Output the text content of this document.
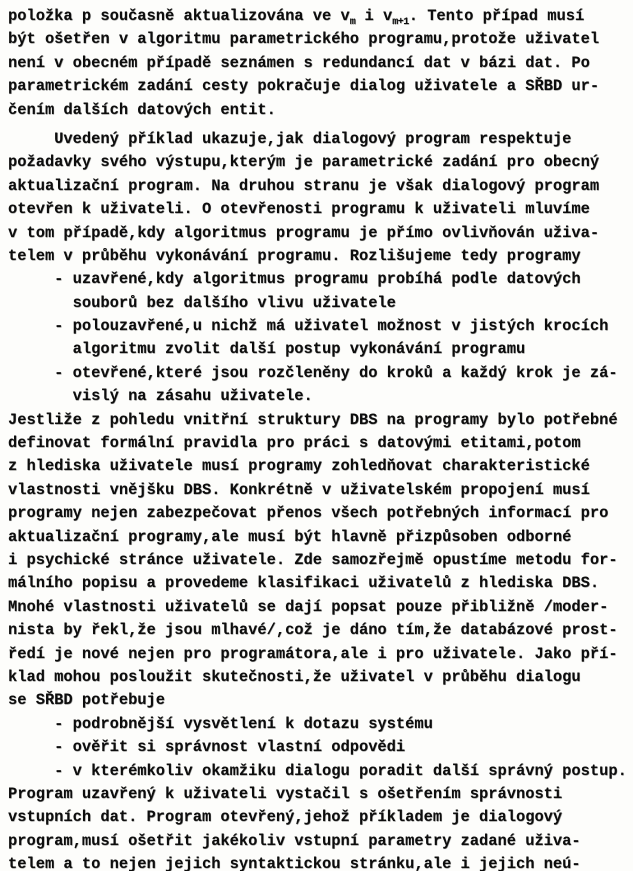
položka p současně aktualizována ve $v_m$ i $v_{m+1}$. Tento případ musí
být ošetřen v algoritmu parametrického programu,protože uživatel
není v obecném případě seznámen s redundancí dat v bázi dat. Po
parametrickém zadání cesty pokračuje dialog uživatele a SŘBD ur-
čením dalších datových entit.
Uvedený příklad ukazuje,jak dialogový program respektuje
požadavky svého výstupu,kterým je parametrické zadání pro obecný
aktualizační program. Na druhou stranu je však dialogový program
otevřen k uživateli. O otevřenosti programu k uživateli mluvíme
v tom případě,kdy algoritmus programu je přímo ovlivňován uživa-
telem v průběhu vykonávání programu. Rozlišujeme tedy programy
- uzavřené,kdy algoritmus programu probíhá podle datových
souborů bez dalšího vlivu uživatele
- polouzavřené,u nichž má uživatel možnost v jistých krocích
algoritmu zvolit další postup vykonávání programu
- otevřené,které jsou rozčleněny do kroků a každý krok je zá-
vislý na zásahu uživatele.
Jestliže z pohledu vnitřní struktury DBS na programy bylo potřebné
definovat formální pravidla pro práci s datovými etitami,potom
z hlediska uživatele musí programy zohledňovat charakteristické
vlastnosti vnějšku DBS. Konkrétně v uživatelském propojení musí
programy nejen zabezpečovat přenos všech potřebných informací pro
aktualizační programy,ale musí být hlavně přizpůsoben odborné
i psychické stránce uživatele. Zde samozřejmě opustíme metodu for-
málního popisu a provedeme klasifikaci uživatelů z hlediska DBS.
Mnohé vlastnosti uživatelů se dají popsat pouze přibližně /moder-
nista by řekl,že jsou mlhavé/,což je dáno tím,že databázové prost-
ředí je nové nejen pro programátora,ale i pro uživatele. Jako pří-
klad mohou posloužit skutečnosti,že uživatel v průběhu dialogu
se SŘBD potřebuje
- podrobnější vysvětlení k dotazu systému
- ověřit si správnost vlastní odpovědi
- v kterémkoliv okamžiku dialogu poradit další správný postup.
Program uzavřený k uživateli vystačil s ošetřením správnosti
vstupních dat. Program otevřený,jehož příkladem je dialogový
program,musí ošetřit jakékoliv vstupní parametry zadané uživa-
telem a to nejen jejich syntaktickou stránku,ale i jejich neú-
